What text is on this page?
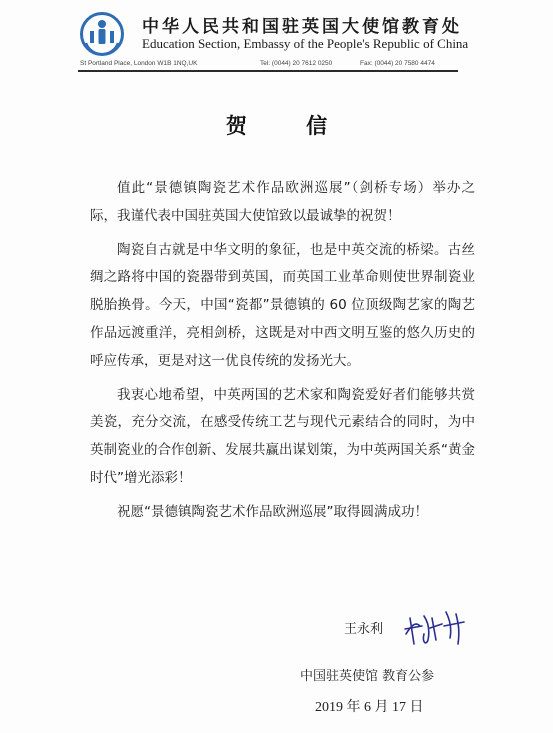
中华人民共和国驻英国大使馆教育处
Education Section, Embassy of the People's Republic of China
St Portland Place, London W1B 1NQ,UK	Tel: (0044) 20 7612 0250	Fax: (0044) 20 7580 4474
贺 信

值此“景德镇陶瓷艺术作品欧洲巡展”（剑桥专场）举办之际，我谨代表中国驻英国大使馆致以最诚挚的祝贺！

陶瓷自古就是中华文明的象征，也是中英交流的桥梁。古丝绸之路将中国的瓷器带到英国，而英国工业革命则使世界制瓷业脱胎换骨。今天，中国“瓷都”景德镇的 60 位顶级陶艺家的陶艺作品远渡重洋，亮相剑桥，这既是对中西文明互鉴的悠久历史的呼应传承，更是对这一优良传统的发扬光大。

我衷心地希望，中英两国的艺术家和陶瓷爱好者们能够共赏美瓷，充分交流，在感受传统工艺与现代元素结合的同时，为中英制瓷业的合作创新、发展共赢出谋划策，为中英两国关系“黄金时代”增光添彩！

祝愿“景德镇陶瓷艺术作品欧洲巡展”取得圆满成功！

王永利
中国驻英使馆 教育公参
2019 年 6 月 17 日
